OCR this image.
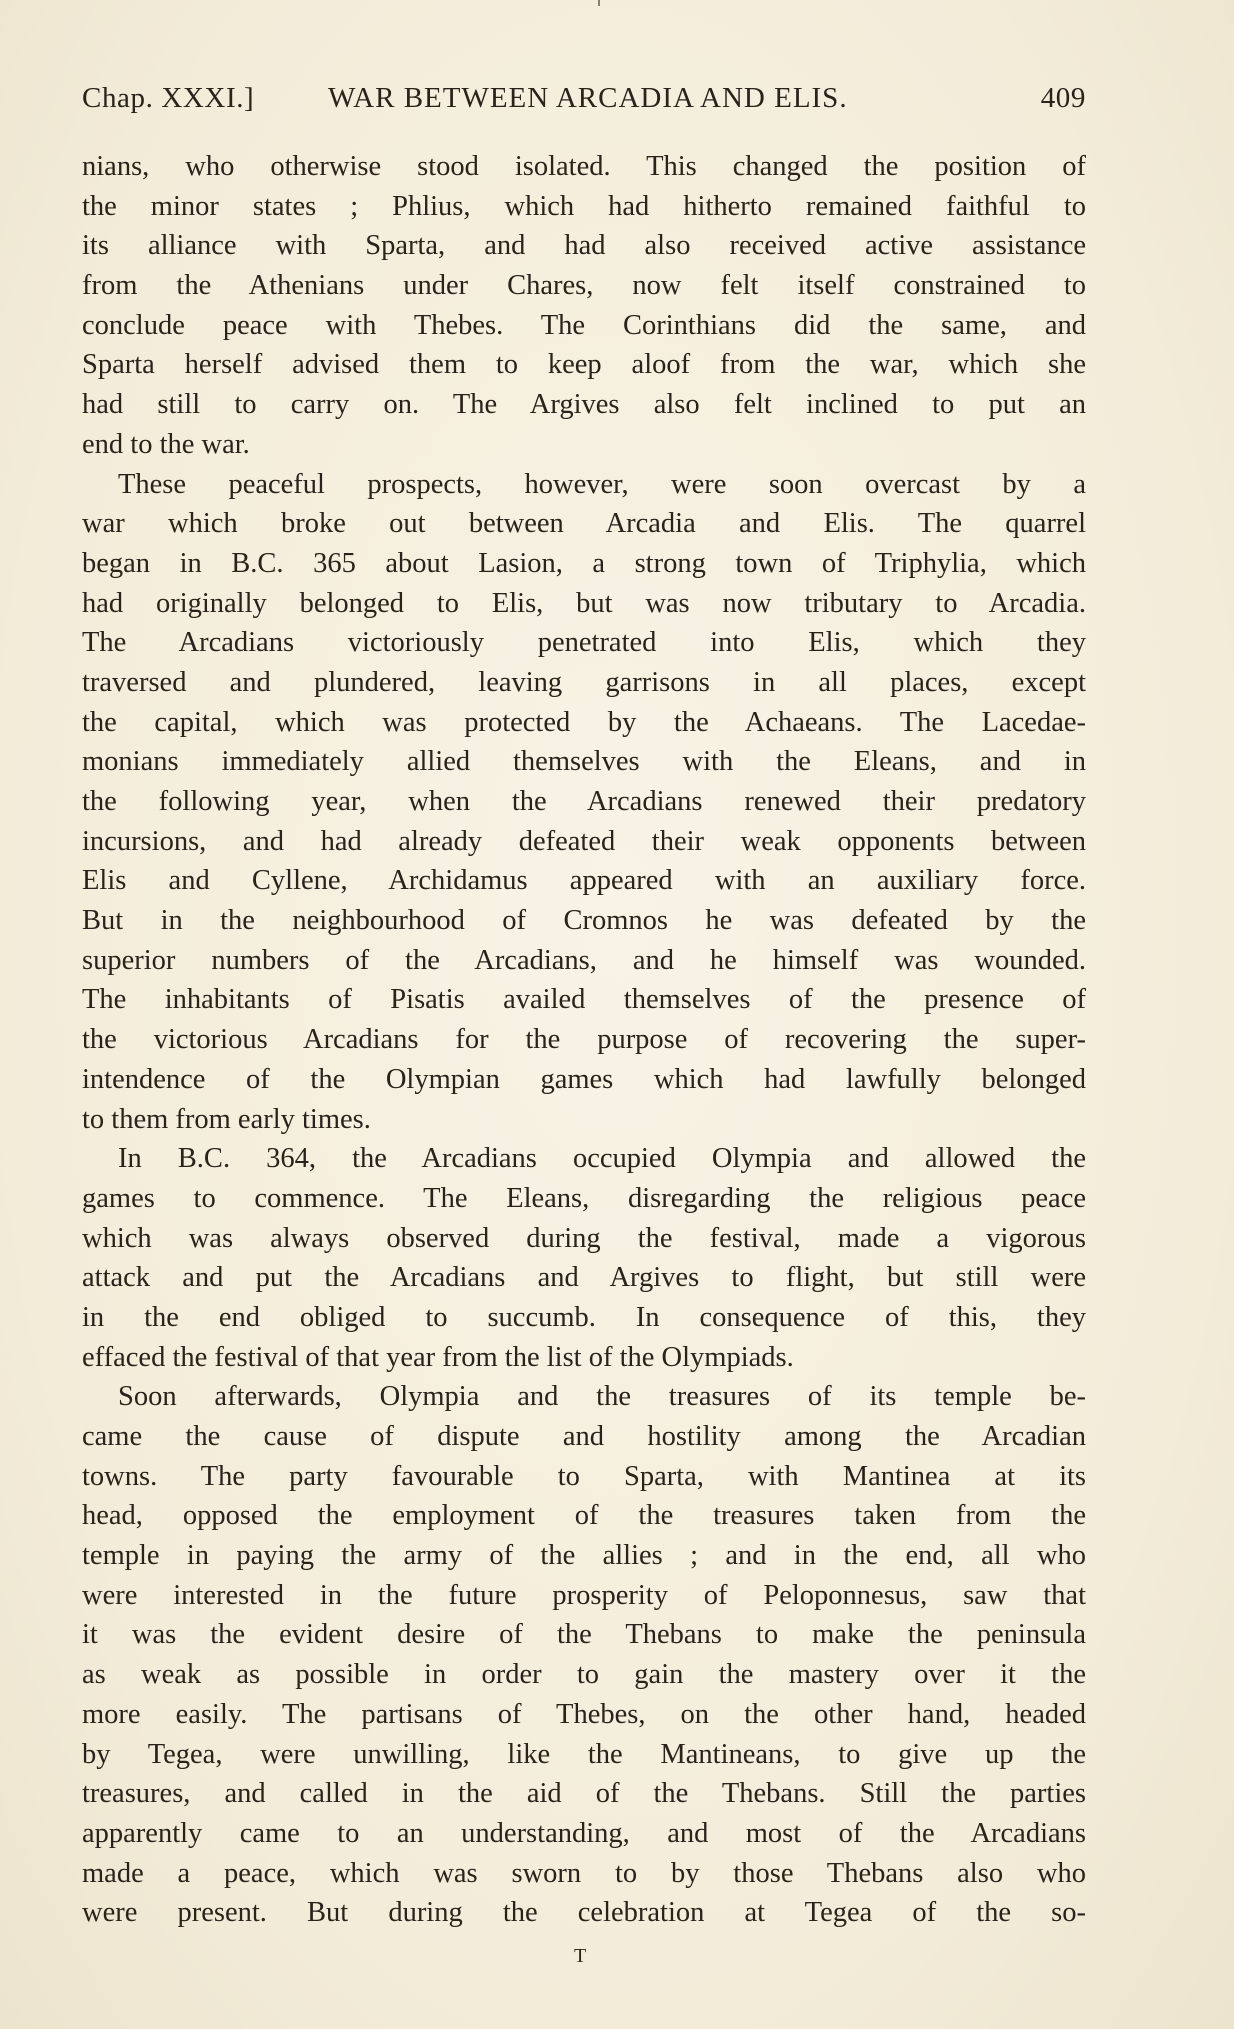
Chap. XXXI.]	WAR BETWEEN ARCADIA AND ELIS.	409
nians, who otherwise stood isolated. This changed the position of
the minor states ; Phlius, which had hitherto remained faithful to
its alliance with Sparta, and had also received active assistance
from the Athenians under Chares, now felt itself constrained to
conclude peace with Thebes. The Corinthians did the same, and
Sparta herself advised them to keep aloof from the war, which she
had still to carry on. The Argives also felt inclined to put an
end to the war.
These peaceful prospects, however, were soon overcast by a
war which broke out between Arcadia and Elis. The quarrel
began in B.C. 365 about Lasion, a strong town of Triphylia, which
had originally belonged to Elis, but was now tributary to Arcadia.
The Arcadians victoriously penetrated into Elis, which they
traversed and plundered, leaving garrisons in all places, except
the capital, which was protected by the Achaeans. The Lacedae-
monians immediately allied themselves with the Eleans, and in
the following year, when the Arcadians renewed their predatory
incursions, and had already defeated their weak opponents between
Elis and Cyllene, Archidamus appeared with an auxiliary force.
But in the neighbourhood of Cromnos he was defeated by the
superior numbers of the Arcadians, and he himself was wounded.
The inhabitants of Pisatis availed themselves of the presence of
the victorious Arcadians for the purpose of recovering the super-
intendence of the Olympian games which had lawfully belonged
to them from early times.
In B.C. 364, the Arcadians occupied Olympia and allowed the
games to commence. The Eleans, disregarding the religious peace
which was always observed during the festival, made a vigorous
attack and put the Arcadians and Argives to flight, but still were
in the end obliged to succumb. In consequence of this, they
effaced the festival of that year from the list of the Olympiads.
Soon afterwards, Olympia and the treasures of its temple be-
came the cause of dispute and hostility among the Arcadian
towns. The party favourable to Sparta, with Mantinea at its
head, opposed the employment of the treasures taken from the
temple in paying the army of the allies ; and in the end, all who
were interested in the future prosperity of Peloponnesus, saw that
it was the evident desire of the Thebans to make the peninsula
as weak as possible in order to gain the mastery over it the
more easily. The partisans of Thebes, on the other hand, headed
by Tegea, were unwilling, like the Mantineans, to give up the
treasures, and called in the aid of the Thebans. Still the parties
apparently came to an understanding, and most of the Arcadians
made a peace, which was sworn to by those Thebans also who
were present. But during the celebration at Tegea of the so-
T
